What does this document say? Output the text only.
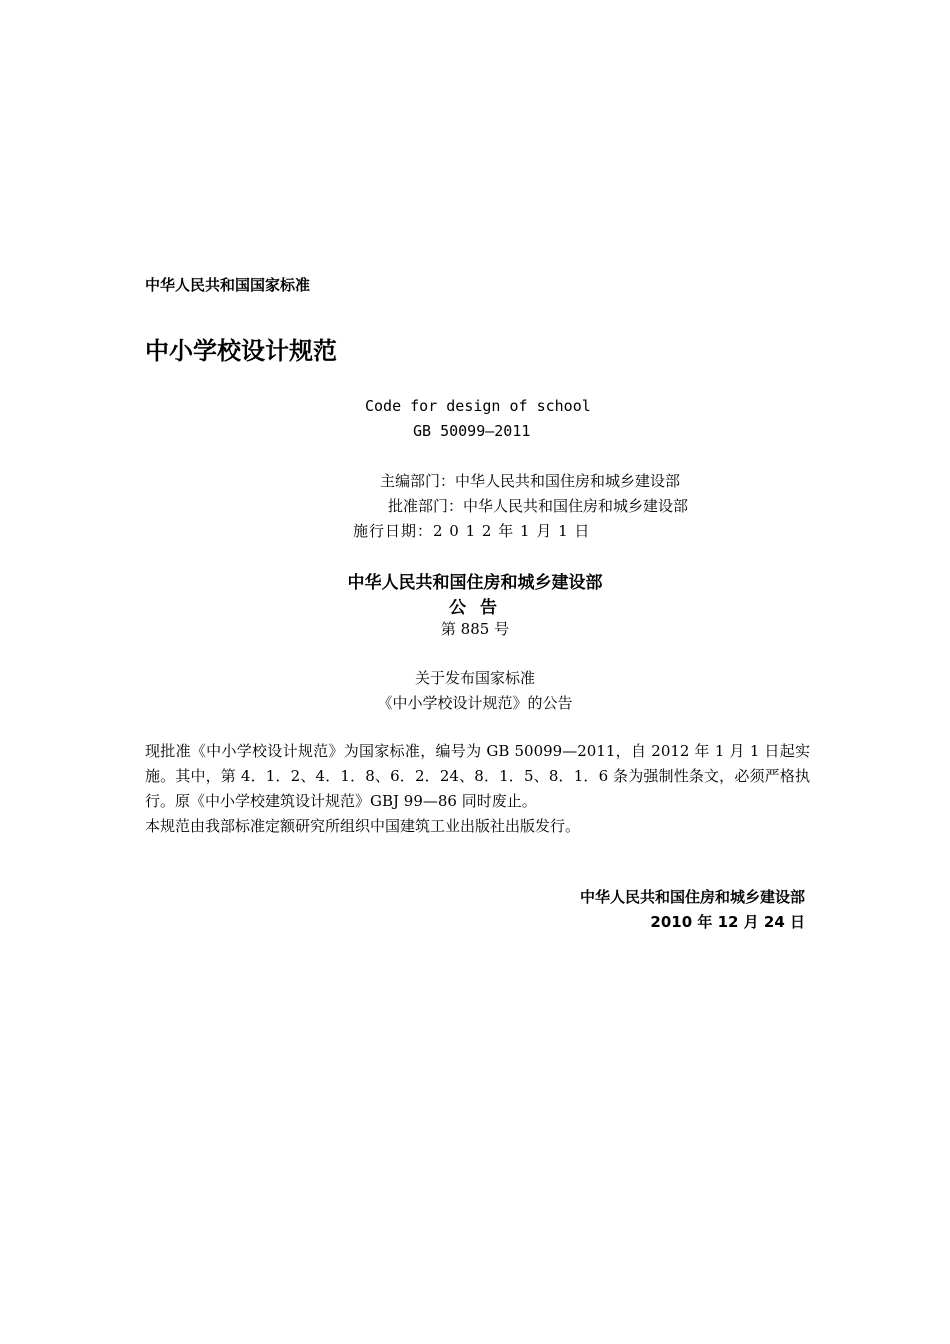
中华人民共和国国家标准
中小学校设计规范
Code for design of school
GB 50099—2011
主编部门：中华人民共和国住房和城乡建设部
批准部门：中华人民共和国住房和城乡建设部
施行日期：2 0 1 2 年 1 月 1 日
中华人民共和国住房和城乡建设部
公 告
第 885 号
关于发布国家标准
《中小学校设计规范》的公告

现批准《中小学校设计规范》为国家标准，编号为 GB 50099—2011，自 2012 年 1 月 1 日起实施。其中，第 4．1．2、4．1．8、6．2．24、8．1．5、8．1．6 条为强制性条文，必须严格执行。原《中小学校建筑设计规范》GBJ 99—86 同时废止。

本规范由我部标准定额研究所组织中国建筑工业出版社出版发行。

中华人民共和国住房和城乡建设部
2010 年 12 月 24 日
